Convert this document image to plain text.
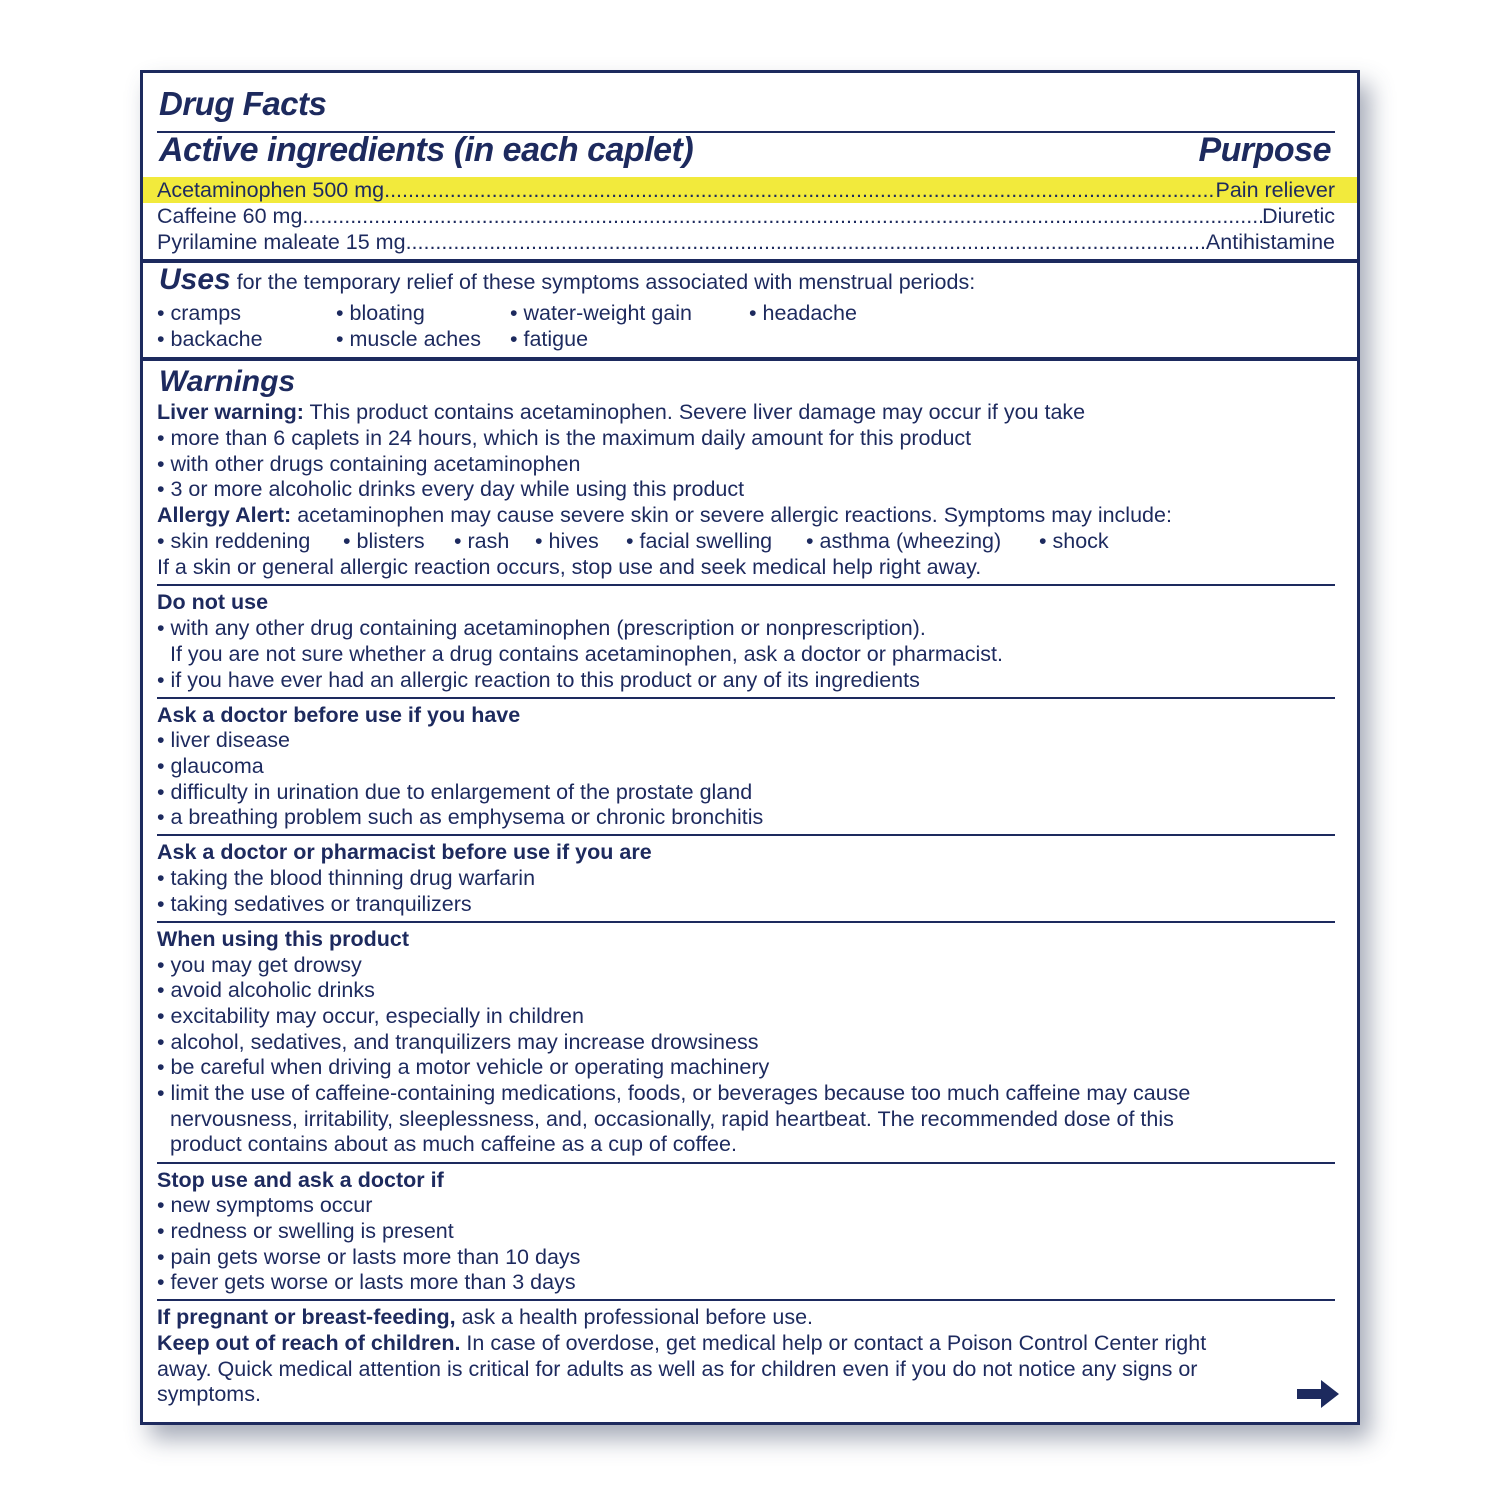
Drug Facts
Active ingredients (in each caplet)	Purpose
Acetaminophen 500 mg .....	Pain reliever
Caffeine 60 mg .....	Diuretic
Pyrilamine maleate 15 mg .....	Antihistamine
Uses for the temporary relief of these symptoms associated with menstrual periods:
• cramps	• bloating	• water-weight gain	• headache
• backache	• muscle aches • fatigue
Warnings
Liver warning: This product contains acetaminophen. Severe liver damage may occur if you take
• more than 6 caplets in 24 hours, which is the maximum daily amount for this product
• with other drugs containing acetaminophen
• 3 or more alcoholic drinks every day while using this product
Allergy Alert: acetaminophen may cause severe skin or severe allergic reactions. Symptoms may include:
• skin reddening • blisters • rash • hives • facial swelling • asthma (wheezing) • shock
If a skin or general allergic reaction occurs, stop use and seek medical help right away.
Do not use
• with any other drug containing acetaminophen (prescription or nonprescription).
If you are not sure whether a drug contains acetaminophen, ask a doctor or pharmacist.
• if you have ever had an allergic reaction to this product or any of its ingredients
Ask a doctor before use if you have
• liver disease
• glaucoma
• difficulty in urination due to enlargement of the prostate gland
• a breathing problem such as emphysema or chronic bronchitis
Ask a doctor or pharmacist before use if you are
• taking the blood thinning drug warfarin
• taking sedatives or tranquilizers
When using this product
• you may get drowsy
• avoid alcoholic drinks
• excitability may occur, especially in children
• alcohol, sedatives, and tranquilizers may increase drowsiness
• be careful when driving a motor vehicle or operating machinery
• limit the use of caffeine-containing medications, foods, or beverages because too much caffeine may cause
nervousness, irritability, sleeplessness, and, occasionally, rapid heartbeat. The recommended dose of this
product contains about as much caffeine as a cup of coffee.
Stop use and ask a doctor if
• new symptoms occur
• redness or swelling is present
• pain gets worse or lasts more than 10 days
• fever gets worse or lasts more than 3 days
If pregnant or breast-feeding, ask a health professional before use.
Keep out of reach of children. In case of overdose, get medical help or contact a Poison Control Center right
away. Quick medical attention is critical for adults as well as for children even if you do not notice any signs or
symptoms.
